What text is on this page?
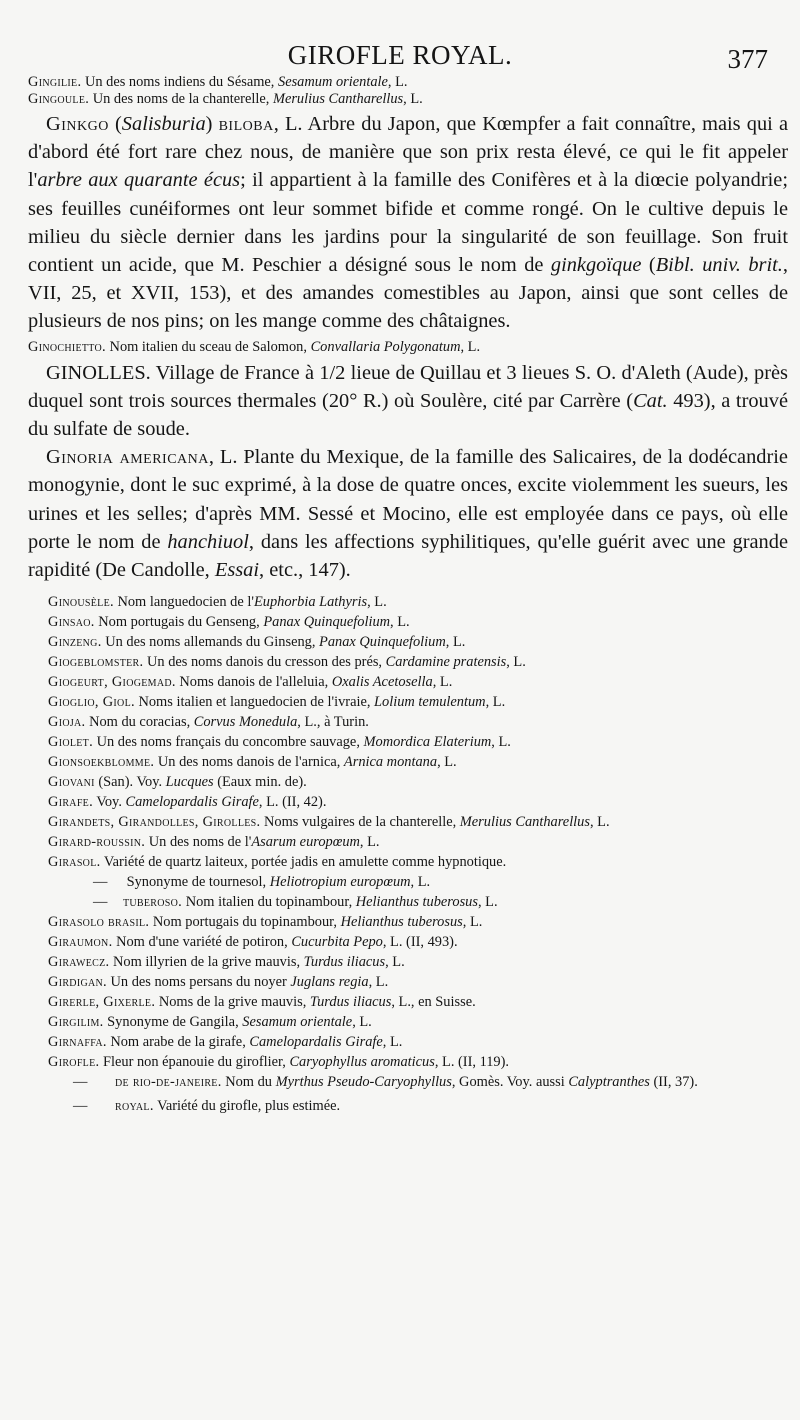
GIROFLE ROYAL.	377

Gingilie. Un des noms indiens du Sésame, Sesamum orientale, L.

Gingoule. Un des noms de la chanterelle, Merulius Cantharellus, L.

Ginkgo (Salisburia) biloba, L. Arbre du Japon, que Kœmpfer a fait connaître, mais qui a d'abord été fort rare chez nous, de manière que son prix resta élevé, ce qui le fit appeler l'arbre aux quarante écus; il appartient à la famille des Conifères et à la diœcie polyandrie; ses feuilles cunéiformes ont leur sommet bifide et comme rongé. On le cultive depuis le milieu du siècle dernier dans les jardins pour la singularité de son feuillage. Son fruit contient un acide, que M. Peschier a désigné sous le nom de ginkgoïque (Bibl. univ. brit., VII, 25, et XVII, 153), et des amandes comestibles au Japon, ainsi que sont celles de plusieurs de nos pins; on les mange comme des châtaignes.

Ginochietto. Nom italien du sceau de Salomon, Convallaria Polygonatum, L.

GINOLLES. Village de France à 1/2 lieue de Quillau et 3 lieues S. O. d'Aleth (Aude), près duquel sont trois sources thermales (20° R.) où Soulère, cité par Carrère (Cat. 493), a trouvé du sulfate de soude.

Ginoria americana, L. Plante du Mexique, de la famille des Salicaires, de la dodécandrie monogynie, dont le suc exprimé, à la dose de quatre onces, excite violemment les sueurs, les urines et les selles; d'après MM. Sessé et Mocino, elle est employée dans ce pays, où elle porte le nom de hanchiuol, dans les affections syphilitiques, qu'elle guérit avec une grande rapidité (De Candolle, Essai, etc., 147).

Ginousèle. Nom languedocien de l'Euphorbia Lathyris, L.

Ginsao. Nom portugais du Genseng, Panax Quinquefolium, L.

Ginzeng. Un des noms allemands du Ginseng, Panax Quinquefolium, L.

Giogeblomster. Un des noms danois du cresson des prés, Cardamine pratensis, L.

Giogeurt, Giogemad. Noms danois de l'alleluia, Oxalis Acetosella, L.

Gioglio, Giol. Noms italien et languedocien de l'ivraie, Lolium temulentum, L.

Gioja. Nom du coracias, Corvus Monedula, L., à Turin.

Giolet. Un des noms français du concombre sauvage, Momordica Elaterium, L.

Gionsoekblomme. Un des noms danois de l'arnica, Arnica montana, L.

Giovani (San). Voy. Lucques (Eaux min. de).

Girafe. Voy. Camelopardalis Girafe, L. (II, 42).

Girandets, Girandolles, Girolles. Noms vulgaires de la chanterelle, Merulius Cantharellus, L.

Girard-roussin. Un des noms de l'Asarum europœum, L.

Girasol. Variété de quartz laiteux, portée jadis en amulette comme hypnotique.

— Synonyme de tournesol, Heliotropium europœum, L.

— tuberoso. Nom italien du topinambour, Helianthus tuberosus, L.

Girasolo brasil. Nom portugais du topinambour, Helianthus tuberosus, L.

Giraumon. Nom d'une variété de potiron, Cucurbita Pepo, L. (II, 493).

Girawecz. Nom illyrien de la grive mauvis, Turdus iliacus, L.

Girdigan. Un des noms persans du noyer Juglans regia, L.

Girerle, Gixerle. Noms de la grive mauvis, Turdus iliacus, L., en Suisse.

Girgilim. Synonyme de Gangila, Sesamum orientale, L.

Girnaffa. Nom arabe de la girafe, Camelopardalis Girafe, L.

Girofle. Fleur non épanouie du giroflier, Caryophyllus aromaticus, L. (II, 119).

— de rio-de-janeire. Nom du Myrthus Pseudo-Caryophyllus, Gomès. Voy. aussi Calyptranthes (II, 37).

— royal. Variété du girofle, plus estimée.
